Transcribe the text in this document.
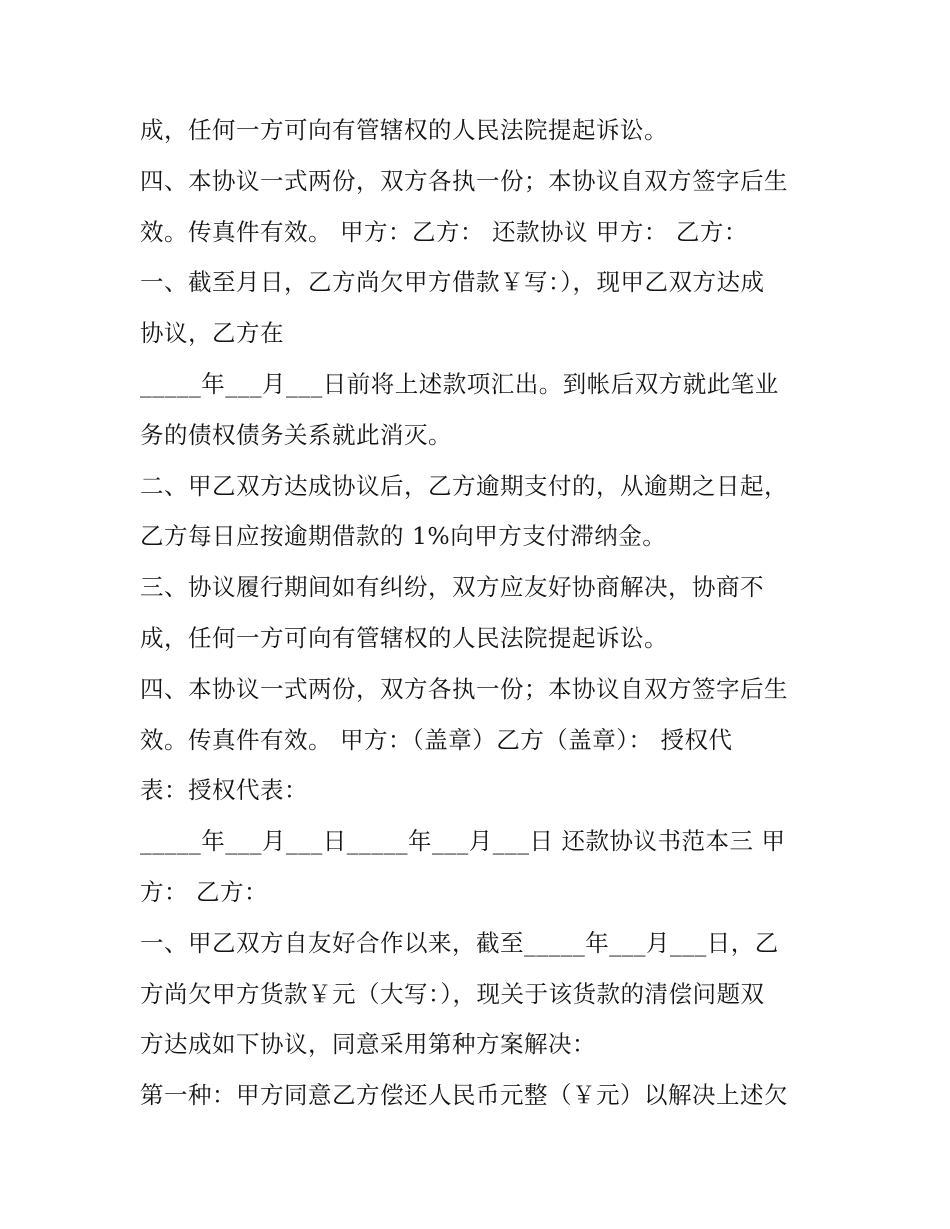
成，任何一方可向有管辖权的人民法院提起诉讼。
四、本协议一式两份，双方各执一份；本协议自双方签字后生
效。传真件有效。 甲方：乙方： 还款协议 甲方： 乙方：
一、截至月日，乙方尚欠甲方借款￥写：），现甲乙双方达成
协议，乙方在
_____年___月___日前将上述款项汇出。到帐后双方就此笔业
务的债权债务关系就此消灭。
二、甲乙双方达成协议后，乙方逾期支付的，从逾期之日起，
乙方每日应按逾期借款的 1%向甲方支付滞纳金。
三、协议履行期间如有纠纷，双方应友好协商解决，协商不
成，任何一方可向有管辖权的人民法院提起诉讼。
四、本协议一式两份，双方各执一份；本协议自双方签字后生
效。传真件有效。 甲方：（盖章）乙方（盖章）： 授权代
表：授权代表：
_____年___月___日_____年___月___日 还款协议书范本三 甲
方： 乙方：
一、甲乙双方自友好合作以来，截至_____年___月___日，乙
方尚欠甲方货款￥元（大写：），现关于该货款的清偿问题双
方达成如下协议，同意采用第种方案解决：
第一种：甲方同意乙方偿还人民币元整（￥元）以解决上述欠
